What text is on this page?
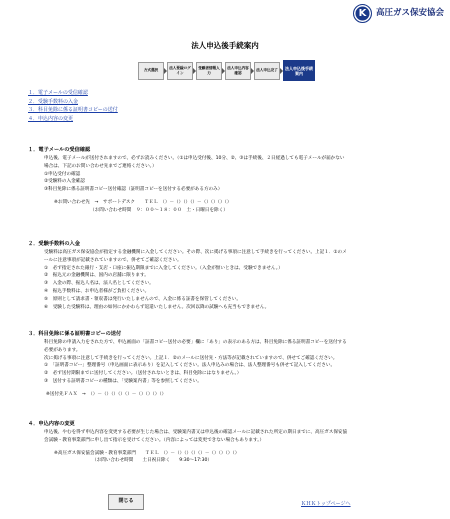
K	高圧ガス保安協会
法人申込後手続案内
方式選択
法人要録ログイン
受験者情報入力
法人申込内容確認
法人申込完了	法人申込後手続案内
１．電子メールの受信確認
２．受験手数料の入金
３．科目免除に係る証明書コピーの送付
４．申込内容の変更
１．電子メールの受信確認
申込後、電子メールが送付されますので、必ずお読みください。（①は申込受付後、10分、②、③は手続後、２日経過しても電子メールが届かない
場合は、下記のお問い合わせ先までご連絡ください。）
①申込受付の確認
②受験料の入金確認
③科目免除に係る証明書コピー送付確認（証明書コピーを送付する必要がある方のみ）
※お問い合わせ先　→　サポートデスク　　ＴＥＬ　（）－（）（）（）－（）（）（）（）
（お問い合わせ時間　９：００～１８：００　土・日曜日を除く）
２．受験手数料の入金
受験料は高圧ガス保安協会が指定する金融機関に入金してください。その際、次に掲げる事項に注意して手続きを行ってください。上記１．①のメ
ールに注意事項が記載されていますので、併せてご確認ください。
①　必ず指定された銀行・支店・口座に振込期限までに入金してください。（入金が無いときは、受験できません。）
②　振込元の金融機関は、国内の店舗に限ります。
③　入金の際、振込人名は、法人名としてください。
④　振込手数料は、お申込者様がご負担ください。
⑤　原則として請求書・領収書は発行いたしませんので、入金に係る証書を保管してください。
⑥　受験した受験料は、理由の如何にかかわらず返還いたしません。次回以降の試験へも充当もできません。
３．科目免除に係る証明書コピーの送付
科目免除の申請入力をされた方で、申込画面の「証書コピー送付の必要」欄に「あり」の表示のある方は、科目免除に係る証明書コピーを送付する
必要があります。
次に掲げる事項に注意して手続きを行ってください。上記１．②のメールに送付先・方法等が記載されていますので、併せてご確認ください。
①　「証明書コピー」整理番号（申込画面に表示あり）を記入してください。法人申込みの場合は、法人整理番号も併せて記入してください。
②　必ず送付期限までに送付してください。（送付されないときは、科目免除にはなりません。）
③　送付する証明書コピーの種類は、「受験案内書」等を参照してください。
※送付先ＦＡＸ　→　（）－（）（）（）（）－（）（）（）（）
４．申込内容の変更
申込後、やむを得ず申込内容を変更する必要が生じた場合は、受験案内書又は申込後の確認メールに記載された所定の期日までに、高圧ガス保安協
会試験・教育事業部門に申し出て指示を受けてください。（内容によっては変更できない場合もあります。）
※高圧ガス保安協会試験・教育事業部門　　ＴＥＬ　（）－（）（）（）（）－（）（）（）（）
（お問い合わせ時間　　土日祝日除く　　9:30～17:30）
閉じる	ＫＨＫトップページへ
